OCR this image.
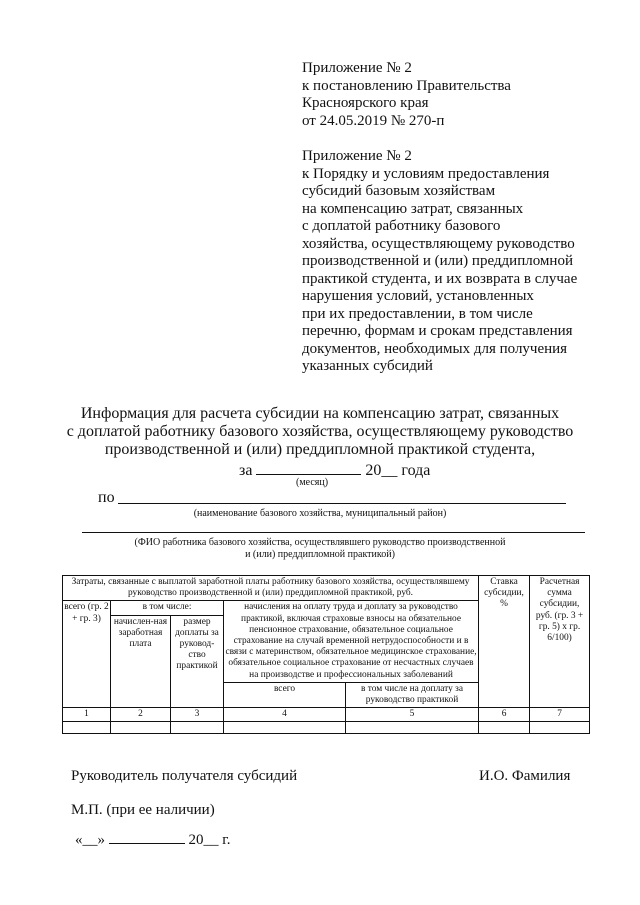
Приложение № 2
к постановлению Правительства
Красноярского края
от 24.05.2019 № 270-п
Приложение № 2
к Порядку и условиям предоставления
субсидий базовым хозяйствам
на компенсацию затрат, связанных
с доплатой работнику базового
хозяйства, осуществляющему руководство
производственной и (или) преддипломной
практикой студента, и их возврата в случае
нарушения условий, установленных
при их предоставлении, в том числе
перечню, формам и срокам представления
документов, необходимых для получения
указанных субсидий
Информация для расчета субсидии на компенсацию затрат, связанных
с доплатой работнику базового хозяйства, осуществляющему руководство
производственной и (или) преддипломной практикой студента,
за	20__ года
(месяц)
по
(наименование базового хозяйства, муниципальный район)
(ФИО работника базового хозяйства, осуществлявшего руководство производственной
и (или) преддипломной практикой)
Затраты, связанные с выплатой заработной платы работнику базового хозяйства, осуществлявшему руководство производственной и (или) преддипломной практикой, руб.					Ставка субсидии, %	Расчетная сумма субсидии, руб. (гр. 3 + гр. 5) x гр. 6/100)
всего (гр. 2 + гр. 3)	в том числе:		начисления на оплату труда и доплату за руководство практикой, включая страховые взносы на обязательное пенсионное страхование, обязательное социальное страхование на случай временной нетрудоспособности и в связи с материнством, обязательное медицинское страхование, обязательное социальное страхование от несчастных случаев на производстве и профессиональных заболеваний			
	начислен-ная заработная плата	размер доплаты за руковод-ство практикой				
			всего	в том числе на доплату за руководство практикой		
1	2	3	4	5	6	7

Руководитель получателя субсидий	И.О. Фамилия
М.П. (при ее наличии)
«__»	20__ г.
